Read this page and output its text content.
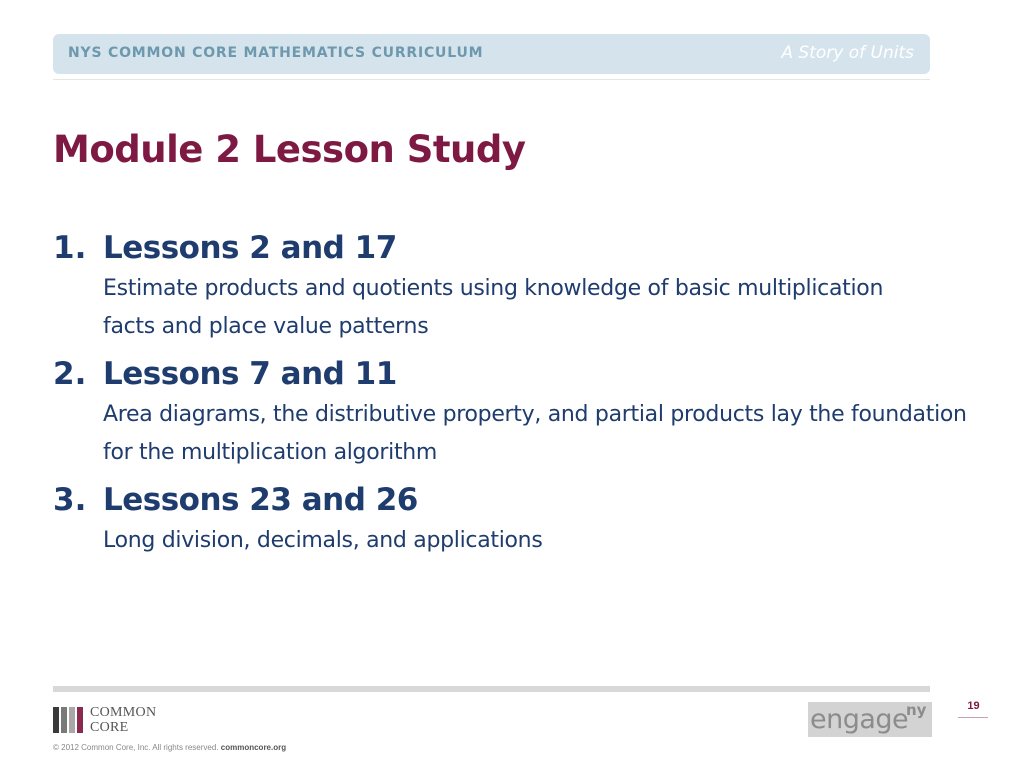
NYS COMMON CORE MATHEMATICS CURRICULUM	A Story of Units
Module 2 Lesson Study
1. Lessons 2 and 17
Estimate products and quotients using knowledge of basic multiplication facts and place value patterns
2. Lessons 7 and 11
Area diagrams, the distributive property, and partial products lay the foundation for the multiplication algorithm
3. Lessons 23 and 26
Long division, decimals, and applications
COMMON
CORE
© 2012 Common Core, Inc. All rights reserved. commoncore.org
engage
ny	19
